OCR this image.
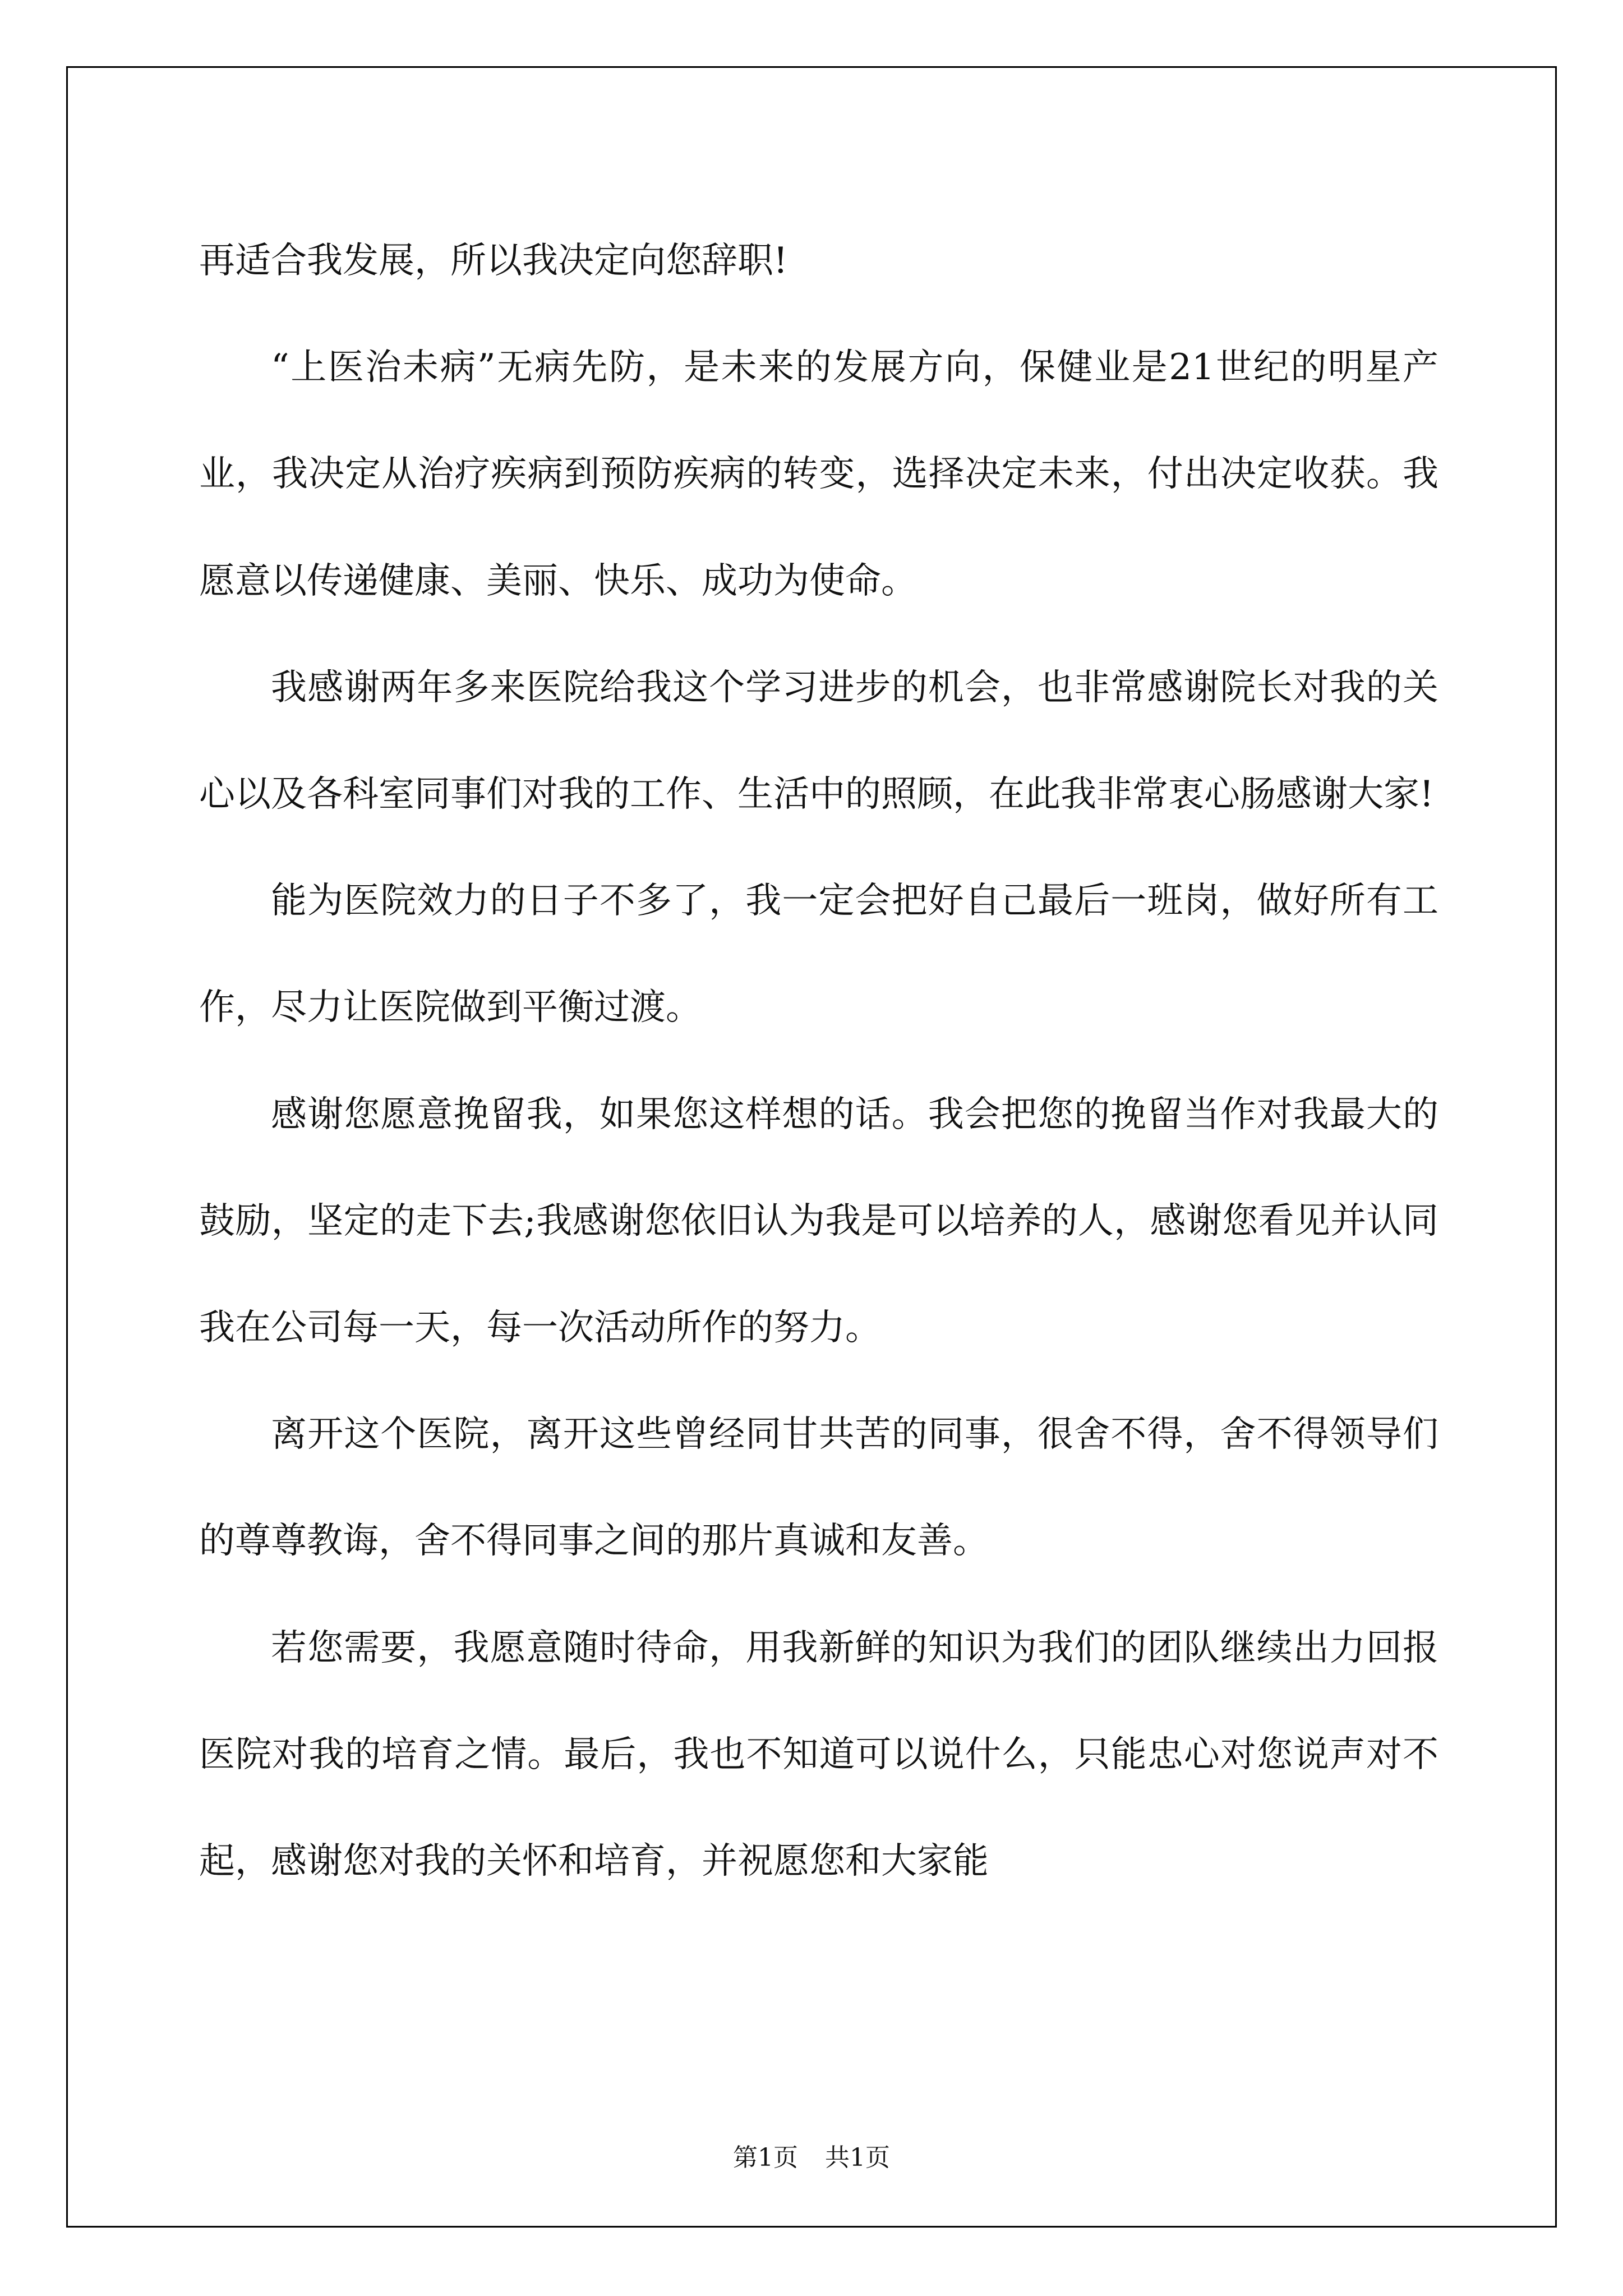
再适合我发展，所以我决定向您辞职!

“上医治未病”无病先防，是未来的发展方向，保健业是21世纪的明星产业，我决定从治疗疾病到预防疾病的转变，选择决定未来，付出决定收获。我愿意以传递健康、美丽、快乐、成功为使命。

我感谢两年多来医院给我这个学习进步的机会，也非常感谢院长对我的关心以及各科室同事们对我的工作、生活中的照顾，在此我非常衷心肠感谢大家!

能为医院效力的日子不多了，我一定会把好自己最后一班岗，做好所有工作，尽力让医院做到平衡过渡。

感谢您愿意挽留我，如果您这样想的话。我会把您的挽留当作对我最大的鼓励，坚定的走下去;我感谢您依旧认为我是可以培养的人，感谢您看见并认同我在公司每一天，每一次活动所作的努力。

离开这个医院，离开这些曾经同甘共苦的同事，很舍不得，舍不得领导们的尊尊教诲，舍不得同事之间的那片真诚和友善。

若您需要，我愿意随时待命，用我新鲜的知识为我们的团队继续出力回报医院对我的培育之情。最后，我也不知道可以说什么，只能忠心对您说声对不起，感谢您对我的关怀和培育，并祝愿您和大家能

第1页 共1页
